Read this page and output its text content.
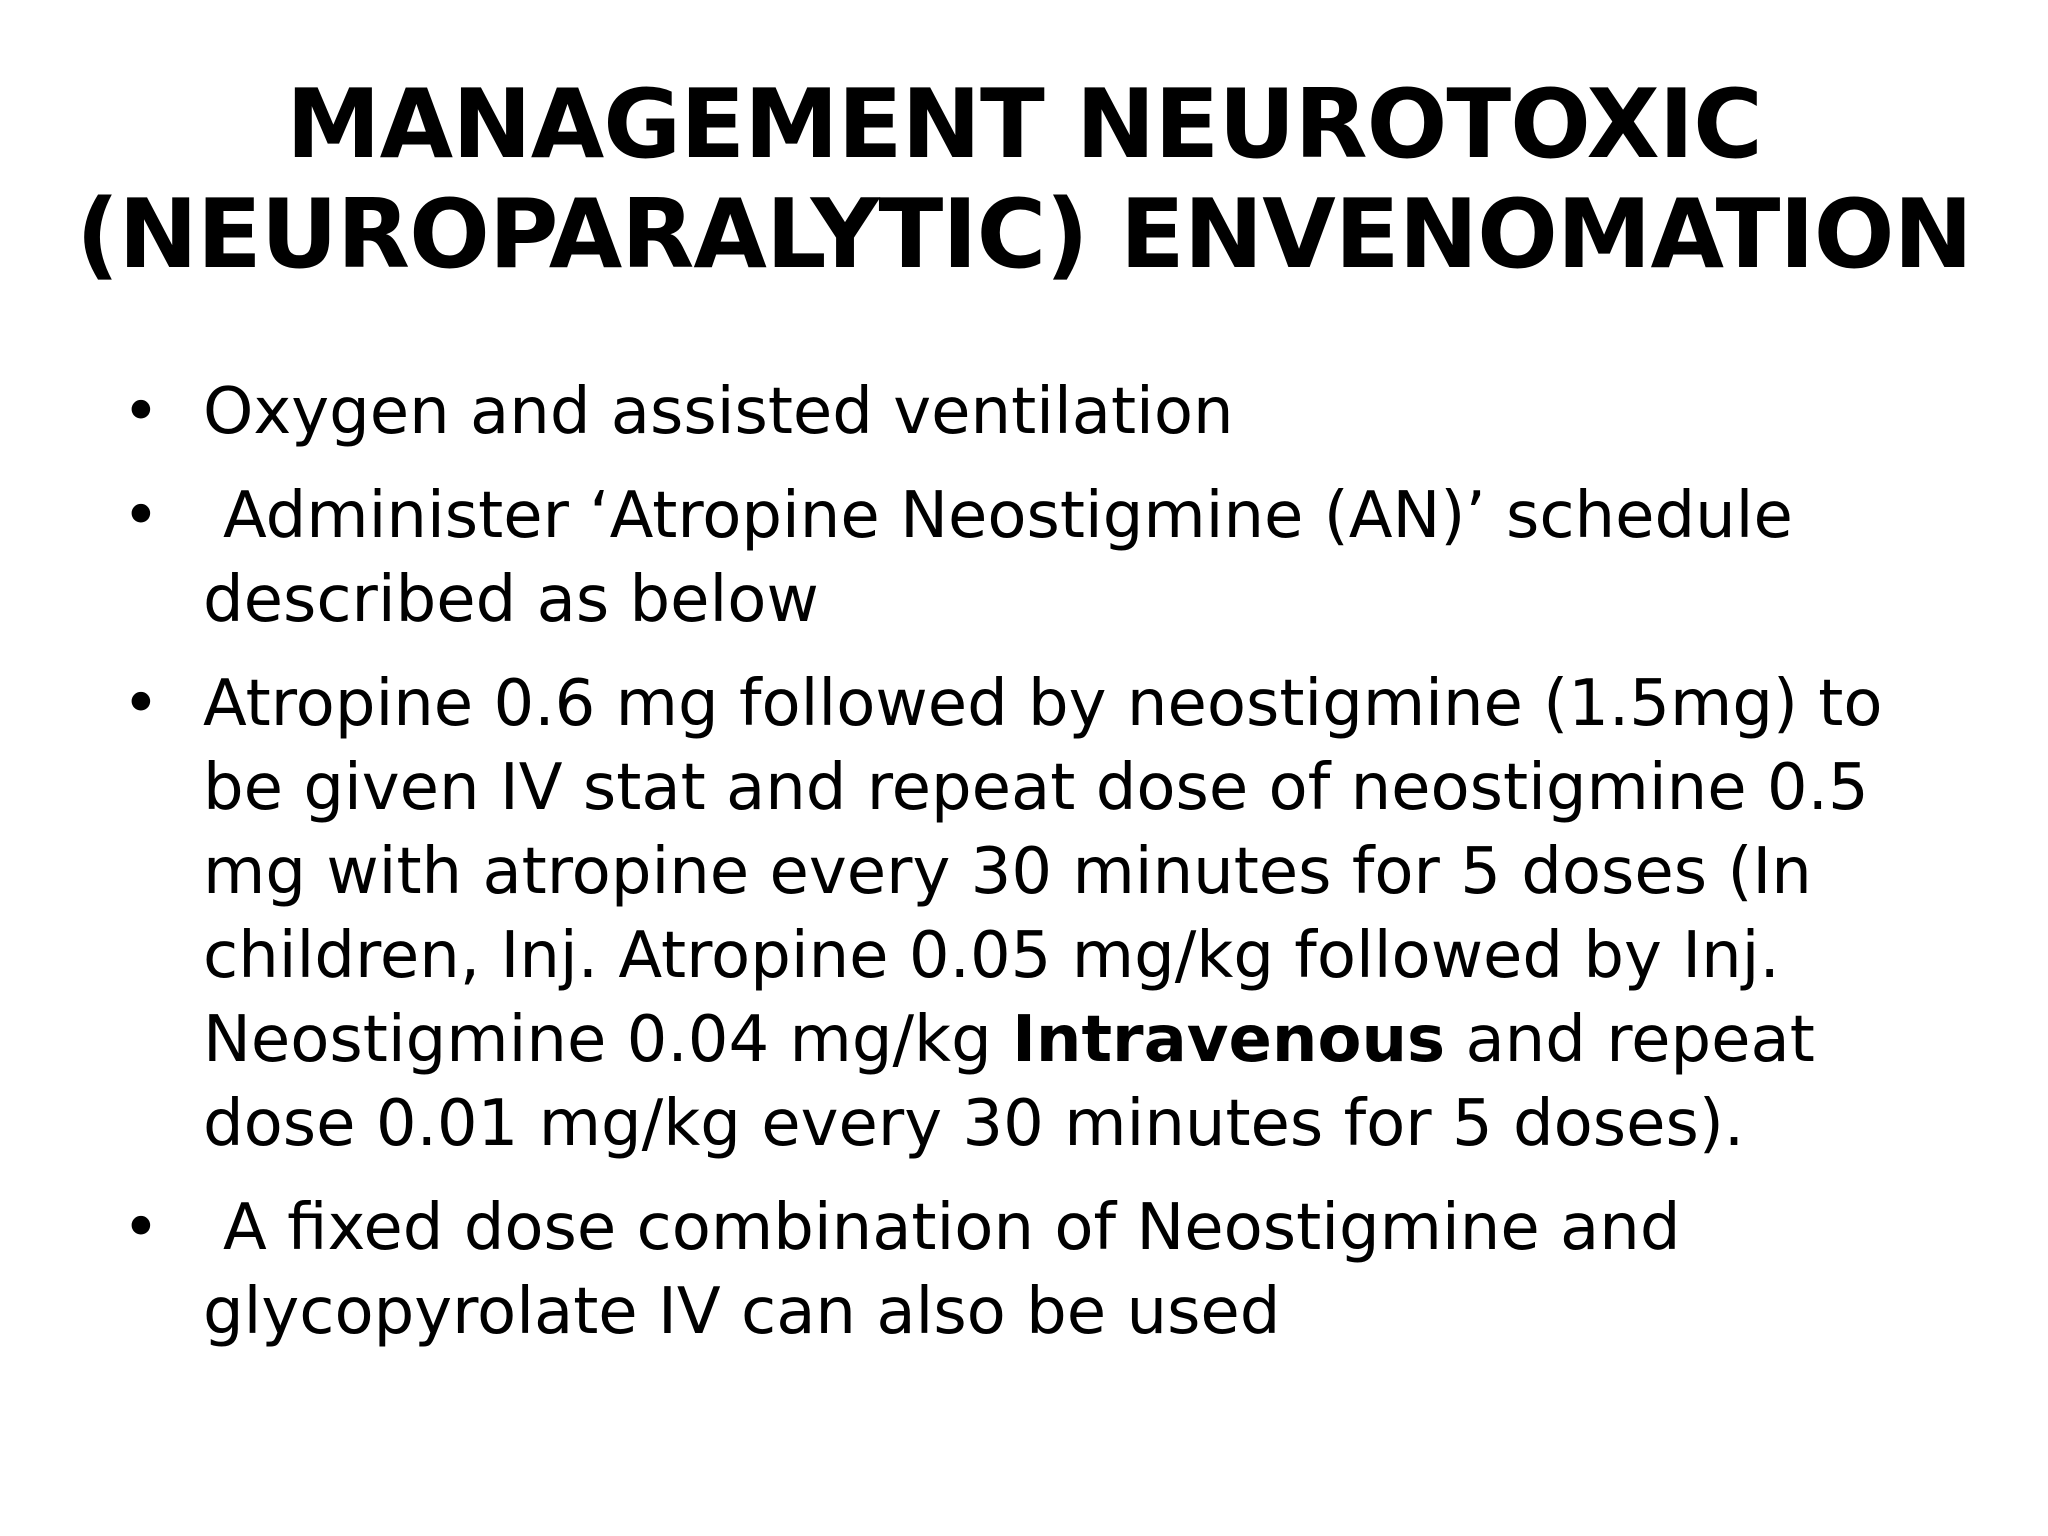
MANAGEMENT NEUROTOXIC
(NEUROPARALYTIC) ENVENOMATION
• Oxygen and assisted ventilation
• Administer ‘Atropine Neostigmine (AN)’ schedule described as below
• Atropine 0.6 mg followed by neostigmine (1.5mg) to be given IV stat and repeat dose of neostigmine 0.5 mg with atropine every 30 minutes for 5 doses (In children, Inj. Atropine 0.05 mg/kg followed by Inj. Neostigmine 0.04 mg/kg Intravenous and repeat dose 0.01 mg/kg every 30 minutes for 5 doses).
• A fixed dose combination of Neostigmine and glycopyrolate IV can also be used
